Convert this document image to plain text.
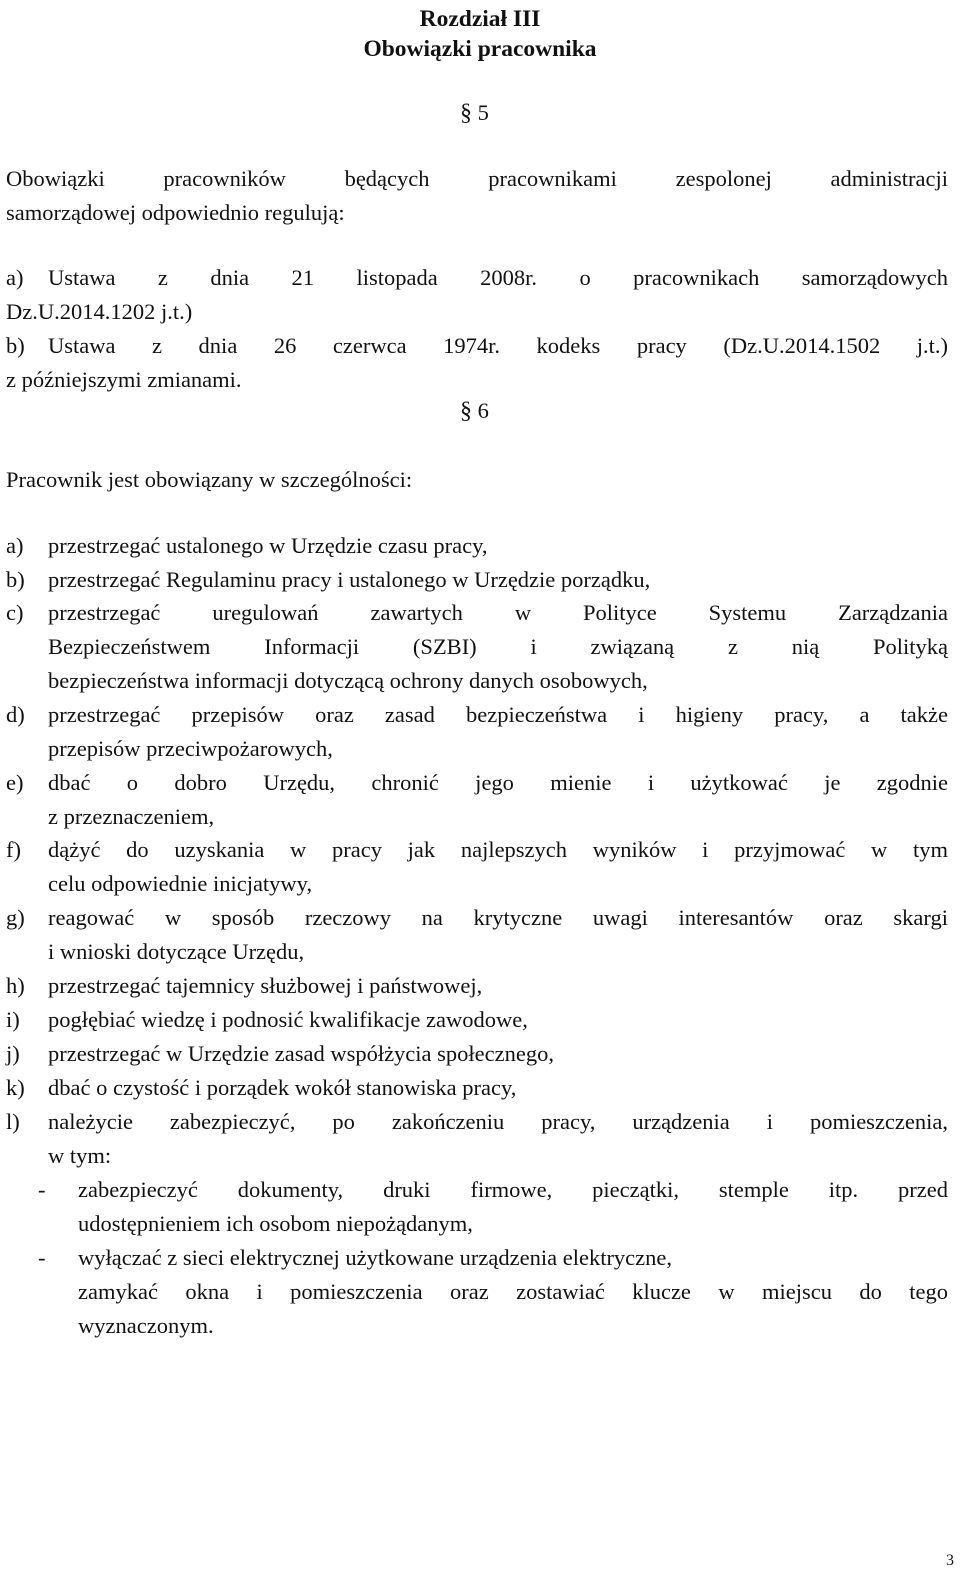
Rozdział III
Obowiązki pracownika
§ 5
Obowiązki pracowników będących pracownikami zespolonej administracji
samorządowej odpowiednio regulują:
a) Ustawa z dnia 21 listopada 2008r. o pracownikach samorządowych
Dz.U.2014.1202 j.t.)
b) Ustawa z dnia 26 czerwca 1974r. kodeks pracy (Dz.U.2014.1502 j.t.)
z późniejszymi zmianami.
§ 6
Pracownik jest obowiązany w szczególności:
a) przestrzegać ustalonego w Urzędzie czasu pracy,
b) przestrzegać Regulaminu pracy i ustalonego w Urzędzie porządku,
c) przestrzegać uregulowań zawartych w Polityce Systemu Zarządzania
Bezpieczeństwem Informacji (SZBI) i związaną z nią Polityką
bezpieczeństwa informacji dotyczącą ochrony danych osobowych,
d) przestrzegać przepisów oraz zasad bezpieczeństwa i higieny pracy, a także
przepisów przeciwpożarowych,
e) dbać o dobro Urzędu, chronić jego mienie i użytkować je zgodnie
z przeznaczeniem,
f) dążyć do uzyskania w pracy jak najlepszych wyników i przyjmować w tym
celu odpowiednie inicjatywy,
g) reagować w sposób rzeczowy na krytyczne uwagi interesantów oraz skargi
i wnioski dotyczące Urzędu,
h) przestrzegać tajemnicy służbowej i państwowej,
i) pogłębiać wiedzę i podnosić kwalifikacje zawodowe,
j) przestrzegać w Urzędzie zasad współżycia społecznego,
k) dbać o czystość i porządek wokół stanowiska pracy,
l) należycie zabezpieczyć, po zakończeniu pracy, urządzenia i pomieszczenia,
w tym:
- zabezpieczyć dokumenty, druki firmowe, pieczątki, stemple itp. przed
udostępnieniem ich osobom niepożądanym,
- wyłączać z sieci elektrycznej użytkowane urządzenia elektryczne,
zamykać okna i pomieszczenia oraz zostawiać klucze w miejscu do tego
wyznaczonym.
3
